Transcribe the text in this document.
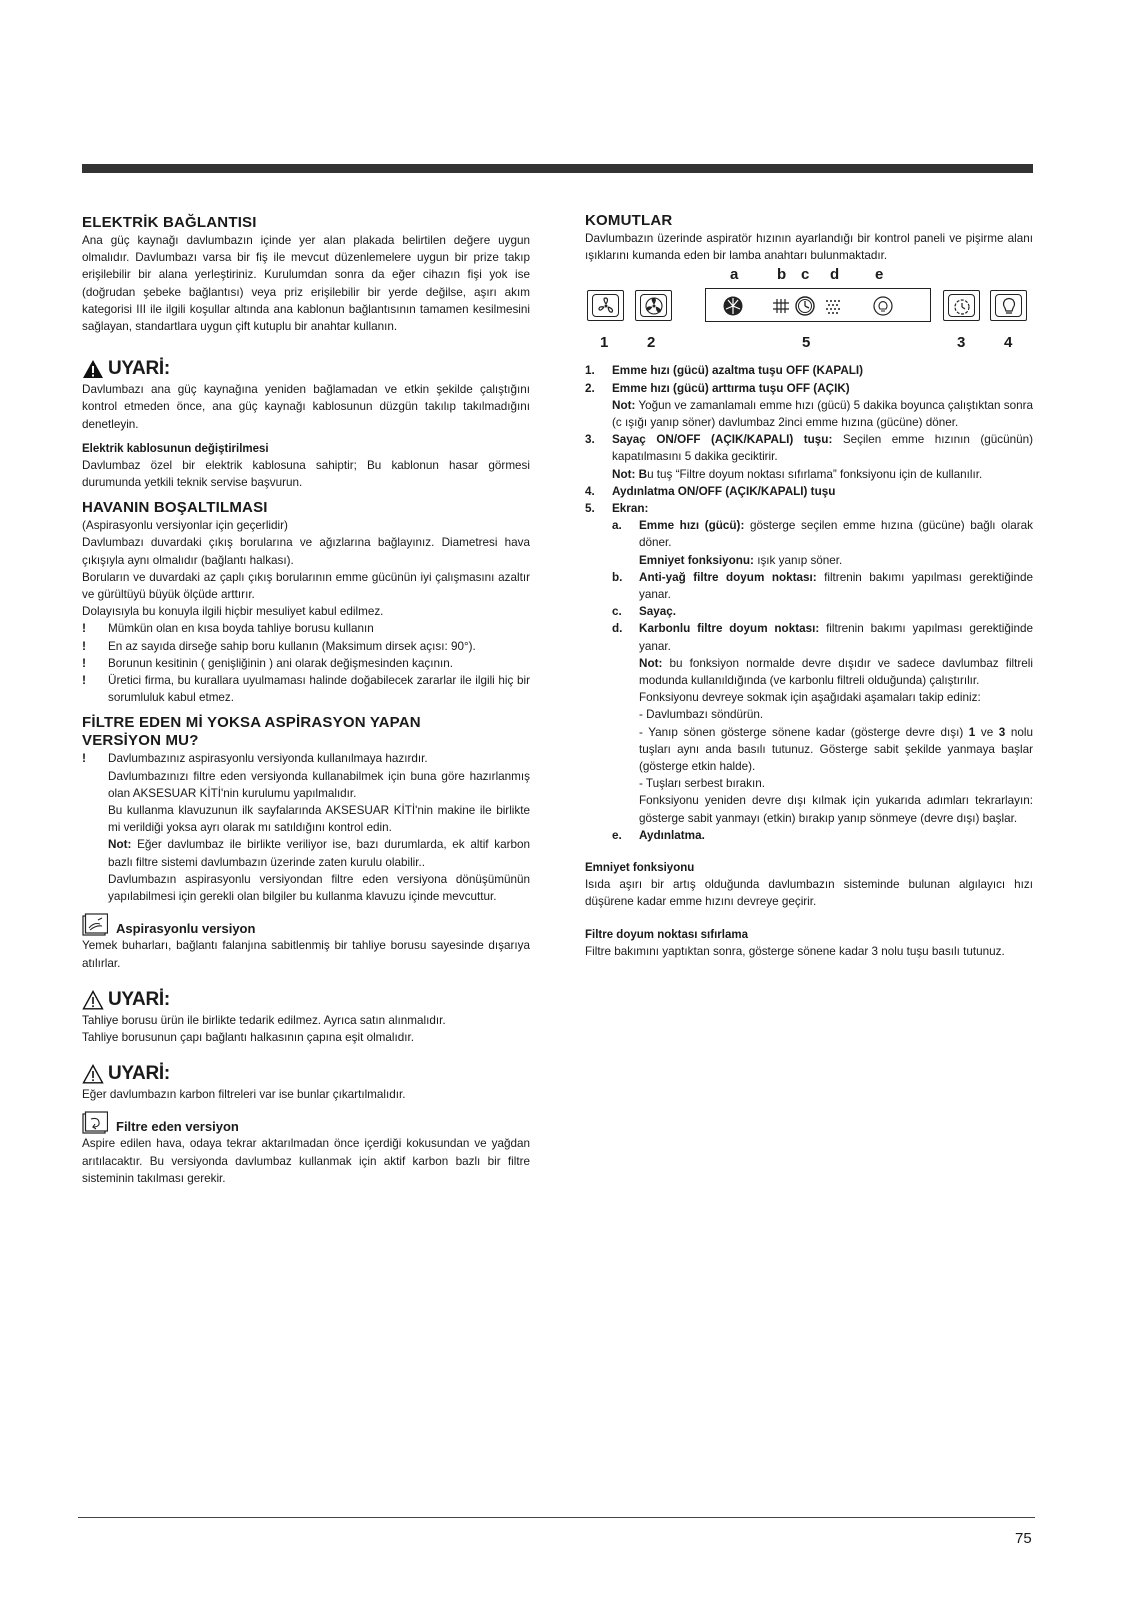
ELEKTRİK BAĞLANTISI

Ana güç kaynağı davlumbazın içinde yer alan plakada belirtilen değere uygun olmalıdır. Davlumbazı varsa bir fiş ile mevcut düzenlemelere uygun bir prize takıp erişilebilir bir alana yerleştiriniz. Kurulumdan sonra da eğer cihazın fişi yok ise (doğrudan şebeke bağlantısı) veya priz erişilebilir bir yerde değilse, aşırı akım kategorisi III ile ilgili koşullar altında ana kablonun bağlantısının tamamen kesilmesini sağlayan, standartlara uygun çift kutuplu bir anahtar kullanın.

UYARİ:

Davlumbazı ana güç kaynağına yeniden bağlamadan ve etkin şekilde çalıştığını kontrol etmeden önce, ana güç kaynağı kablosunun düzgün takılıp takılmadığını denetleyin.

Elektrik kablosunun değiştirilmesi

Davlumbaz özel bir elektrik kablosuna sahiptir; Bu kablonun hasar görmesi durumunda yetkili teknik servise başvurun.

HAVANIN BOŞALTILMASI

(Aspirasyonlu versiyonlar için geçerlidir)

Davlumbazı duvardaki çıkış borularına ve ağızlarına bağlayınız. Diametresi hava çıkışıyla aynı olmalıdır (bağlantı halkası).

Boruların ve duvardaki az çaplı çıkış borularının emme gücünün iyi çalışmasını azaltır ve gürültüyü büyük ölçüde arttırır.

Dolayısıyla bu konuyla ilgili hiçbir mesuliyet kabul edilmez.

!	Mümkün olan en kısa boyda tahliye borusu kullanın

!	En az sayıda dirseğe sahip boru kullanın (Maksimum dirsek açısı: 90°).

!	Borunun kesitinin ( genişliğinin ) ani olarak değişmesinden kaçının.

!	Üretici firma, bu kurallara uyulmaması halinde doğabilecek zararlar ile ilgili hiç bir sorumluluk kabul etmez.

FİLTRE EDEN Mİ YOKSA ASPİRASYON YAPAN
VERSİYON MU?
!	Davlumbazınız aspirasyonlu versiyonda kullanılmaya hazırdır.

Davlumbazınızı filtre eden versiyonda kullanabilmek için buna göre hazırlanmış olan AKSESUAR KİTİ'nin kurulumu yapılmalıdır.

Bu kullanma klavuzunun ilk sayfalarında AKSESUAR KİTİ'nin makine ile birlikte mi verildiği yoksa ayrı olarak mı satıldığını kontrol edin.

Not: Eğer davlumbaz ile birlikte veriliyor ise, bazı durumlarda, ek altif karbon bazlı filtre sistemi davlumbazın üzerinde zaten kurulu olabilir..

Davlumbazın aspirasyonlu versiyondan filtre eden versiyona dönüşümünün yapılabilmesi için gerekli olan bilgiler bu kullanma klavuzu içinde mevcuttur.

Aspirasyonlu versiyon

Yemek buharları, bağlantı falanjına sabitlenmiş bir tahliye borusu sayesinde dışarıya atılırlar.

UYARİ:

Tahliye borusu ürün ile birlikte tedarik edilmez. Ayrıca satın alınmalıdır.

Tahliye borusunun çapı bağlantı halkasının çapına eşit olmalıdır.

UYARİ:

Eğer davlumbazın karbon filtreleri var ise bunlar çıkartılmalıdır.

Filtre eden versiyon

Aspire edilen hava, odaya tekrar aktarılmadan önce içerdiği kokusundan ve yağdan arıtılacaktır. Bu versiyonda davlumbaz kullanmak için aktif karbon bazlı bir filtre sisteminin takılması gerekir.

KOMUTLAR

Davlumbazın üzerinde aspiratör hızının ayarlandığı bir kontrol paneli ve pişirme alanı ışıklarını kumanda eden bir lamba anahtarı bulunmaktadır.

a	b c d e
1	2	5	3	4
1.	Emme hızı (gücü) azaltma tuşu OFF (KAPALI)
2.	Emme hızı (gücü) arttırma tuşu OFF (AÇIK)

Not: Yoğun ve zamanlamalı emme hızı (gücü) 5 dakika boyunca çalıştıktan sonra (c ışığı yanıp söner) davlumbaz 2inci emme hızına (gücüne) döner.

3.	Sayaç ON/OFF (AÇIK/KAPALI) tuşu: Seçilen emme hızının (gücünün) kapatılmasını 5 dakika geciktirir.

Not: Bu tuş “Filtre doyum noktası sıfırlama” fonksiyonu için de kullanılır.

4.	Aydınlatma ON/OFF (AÇIK/KAPALI) tuşu
5.	Ekran:
a.	Emme hızı (gücü): gösterge seçilen emme hızına (gücüne) bağlı olarak döner.

Emniyet fonksiyonu: ışık yanıp söner.

b.	Anti-yağ filtre doyum noktası: filtrenin bakımı yapılması gerektiğinde yanar.

c.	Sayaç.
d.	Karbonlu filtre doyum noktası: filtrenin bakımı yapılması gerektiğinde yanar.

Not: bu fonksiyon normalde devre dışıdır ve sadece davlumbaz filtreli modunda kullanıldığında (ve karbonlu filtreli olduğunda) çalıştırılır.

Fonksiyonu devreye sokmak için aşağıdaki aşamaları takip ediniz:

- Davlumbazı söndürün.

- Yanıp sönen gösterge sönene kadar (gösterge devre dışı) 1 ve 3 nolu tuşları aynı anda basılı tutunuz. Gösterge sabit şekilde yanmaya başlar (gösterge etkin halde).

- Tuşları serbest bırakın.

Fonksiyonu yeniden devre dışı kılmak için yukarıda adımları tekrarlayın: gösterge sabit yanmayı (etkin) bırakıp yanıp sönmeye (devre dışı) başlar.

e.	Aydınlatma.
Emniyet fonksiyonu

Isıda aşırı bir artış olduğunda davlumbazın sisteminde bulunan algılayıcı hızı düşürene kadar emme hızını devreye geçirir.

Filtre doyum noktası sıfırlama

Filtre bakımını yaptıktan sonra, gösterge sönene kadar 3 nolu tuşu basılı tutunuz.

75
